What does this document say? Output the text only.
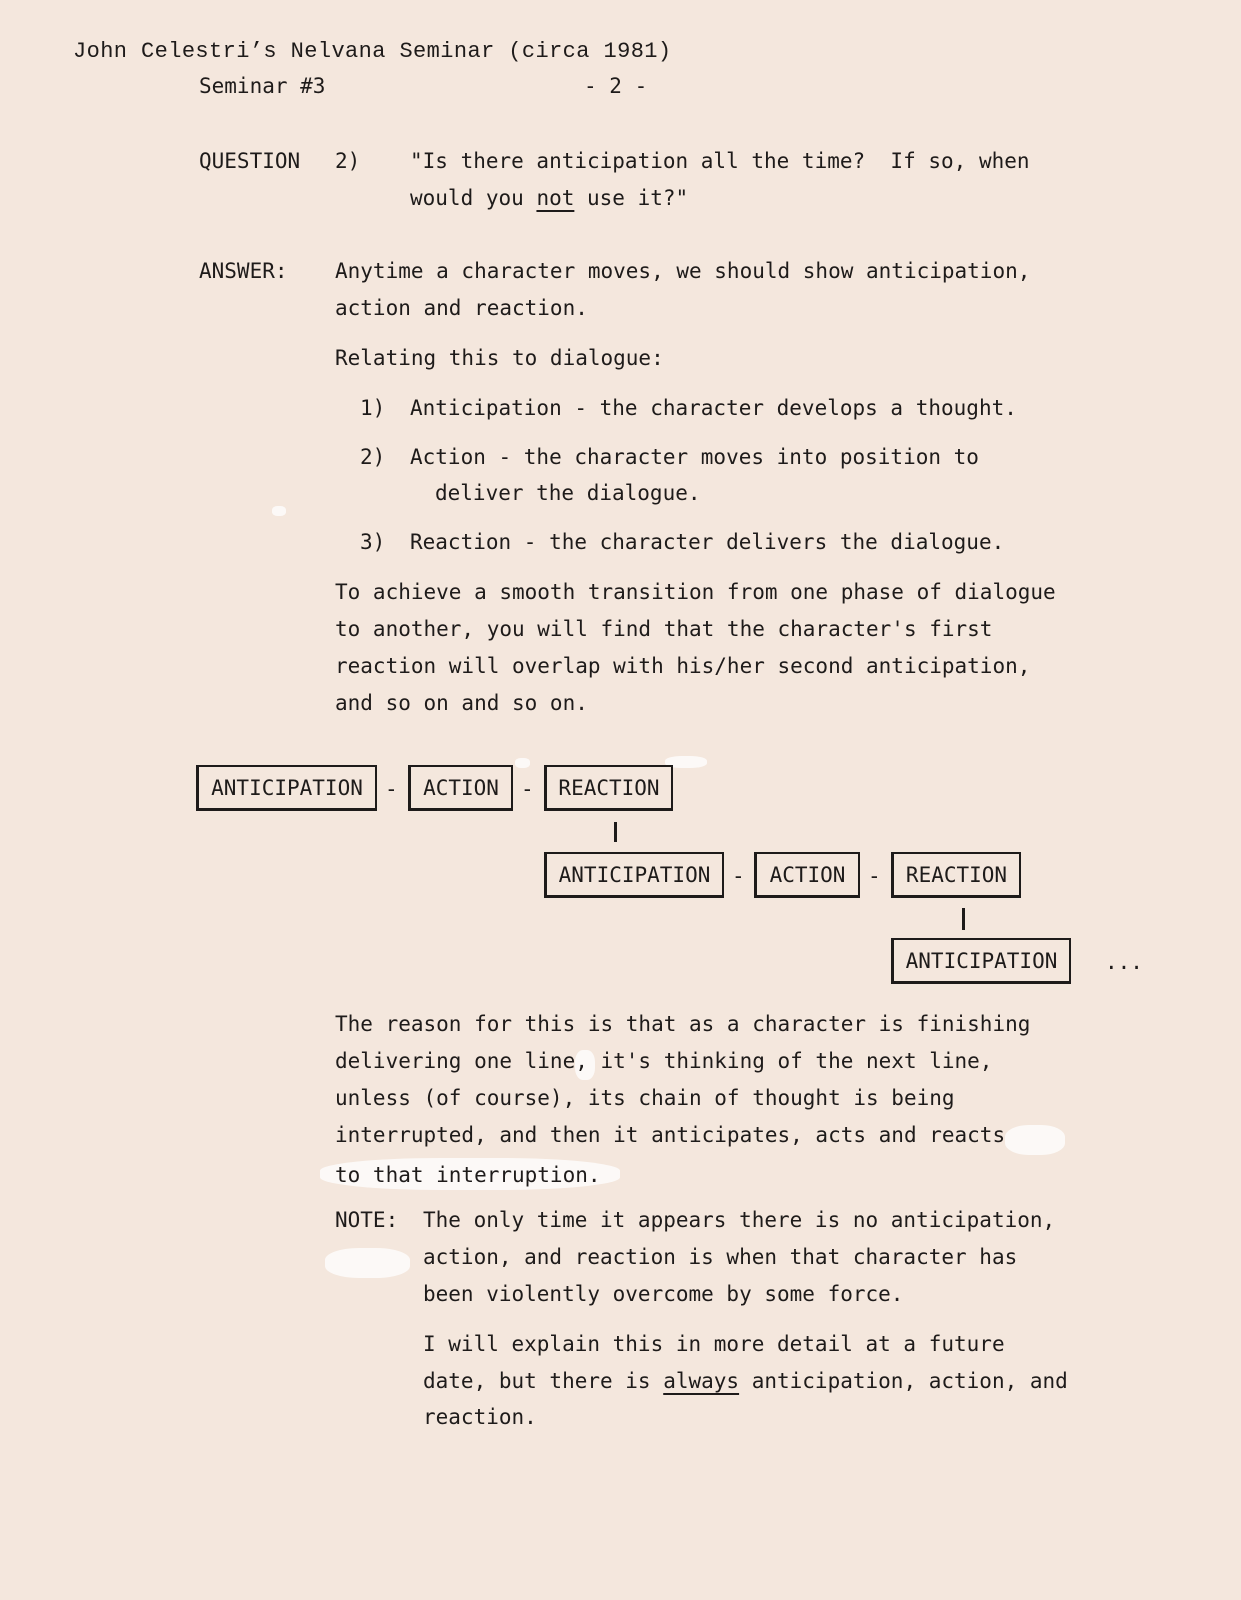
John Celestri’s Nelvana Seminar (circa 1981)
Seminar #3	- 2 -
QUESTION 2) "Is there anticipation all the time?  If so, when
would you not use it?"
ANSWER: Anytime a character moves, we should show anticipation,
action and reaction.
Relating this to dialogue:
1) Anticipation - the character develops a thought.
2) Action - the character moves into position to
deliver the dialogue.
3) Reaction - the character delivers the dialogue.
To achieve a smooth transition from one phase of dialogue
to another, you will find that the character's first
reaction will overlap with his/her second anticipation,
and so on and so on.
ANTICIPATION	-	ACTION	-	REACTION
ANTICIPATION	-	ACTION	-	REACTION
ANTICIPATION	...
The reason for this is that as a character is finishing
delivering one line, it's thinking of the next line,
unless (of course), its chain of thought is being
interrupted, and then it anticipates, acts and reacts
to that interruption.
NOTE: The only time it appears there is no anticipation,
action, and reaction is when that character has
been violently overcome by some force.
I will explain this in more detail at a future
date, but there is always anticipation, action, and
reaction.
